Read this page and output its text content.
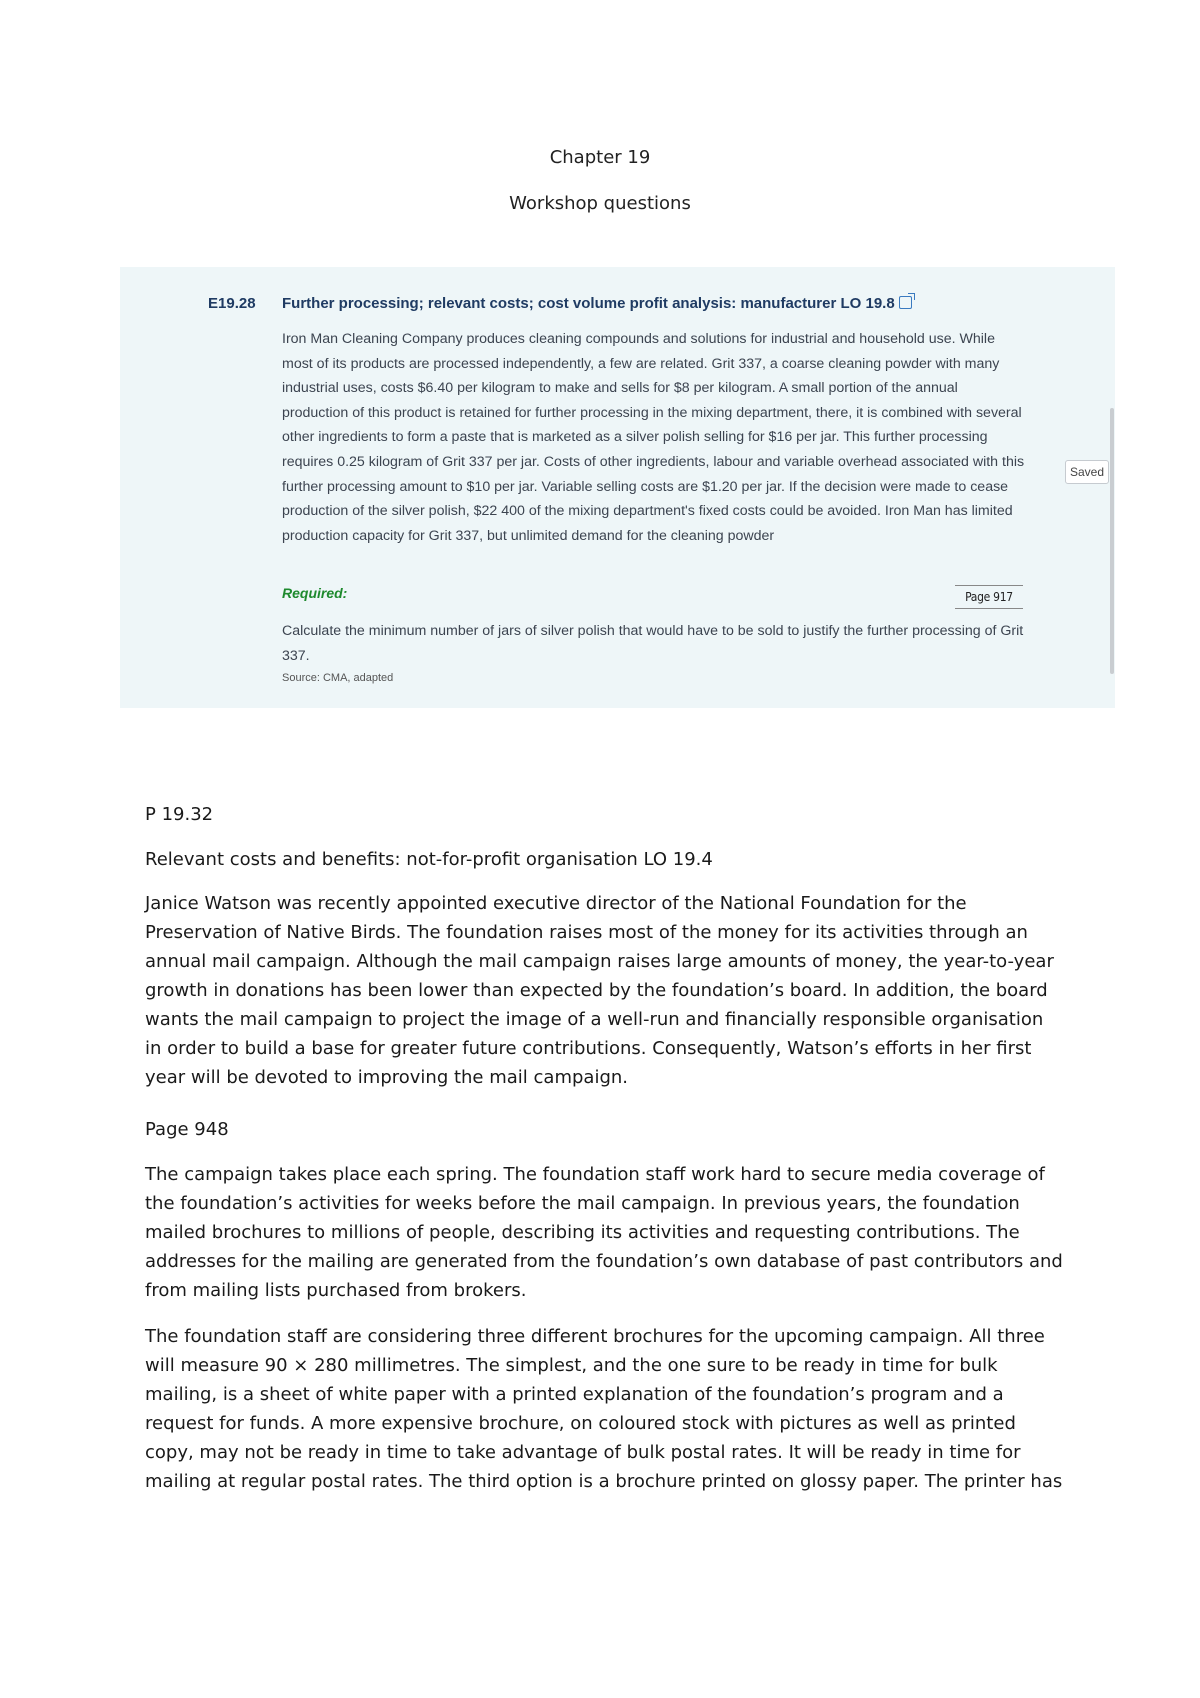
Chapter 19
Workshop questions
E19.28 Further processing; relevant costs; cost volume profit analysis: manufacturer LO 19.8

Iron Man Cleaning Company produces cleaning compounds and solutions for industrial and household use. While most of its products are processed independently, a few are related. Grit 337, a coarse cleaning powder with many industrial uses, costs $6.40 per kilogram to make and sells for $8 per kilogram. A small portion of the annual production of this product is retained for further processing in the mixing department, there, it is combined with several other ingredients to form a paste that is marketed as a silver polish selling for $16 per jar. This further processing requires 0.25 kilogram of Grit 337 per jar. Costs of other ingredients, labour and variable overhead associated with this further processing amount to $10 per jar. Variable selling costs are $1.20 per jar. If the decision were made to cease production of the silver polish, $22 400 of the mixing department's fixed costs could be avoided. Iron Man has limited production capacity for Grit 337, but unlimited demand for the cleaning powder

Required:	Page 917

Calculate the minimum number of jars of silver polish that would have to be sold to justify the further processing of Grit 337.

Source: CMA, adapted
Saved
P 19.32
Relevant costs and benefits: not-for-profit organisation LO 19.4

Janice Watson was recently appointed executive director of the National Foundation for the Preservation of Native Birds. The foundation raises most of the money for its activities through an annual mail campaign. Although the mail campaign raises large amounts of money, the year-to-year growth in donations has been lower than expected by the foundation’s board. In addition, the board wants the mail campaign to project the image of a well-run and financially responsible organisation in order to build a base for greater future contributions. Consequently, Watson’s efforts in her first year will be devoted to improving the mail campaign.

Page 948

The campaign takes place each spring. The foundation staff work hard to secure media coverage of the foundation’s activities for weeks before the mail campaign. In previous years, the foundation mailed brochures to millions of people, describing its activities and requesting contributions. The addresses for the mailing are generated from the foundation’s own database of past contributors and from mailing lists purchased from brokers.

The foundation staff are considering three different brochures for the upcoming campaign. All three will measure 90 × 280 millimetres. The simplest, and the one sure to be ready in time for bulk mailing, is a sheet of white paper with a printed explanation of the foundation’s program and a request for funds. A more expensive brochure, on coloured stock with pictures as well as printed copy, may not be ready in time to take advantage of bulk postal rates. It will be ready in time for mailing at regular postal rates. The third option is a brochure printed on glossy paper. The printer has
